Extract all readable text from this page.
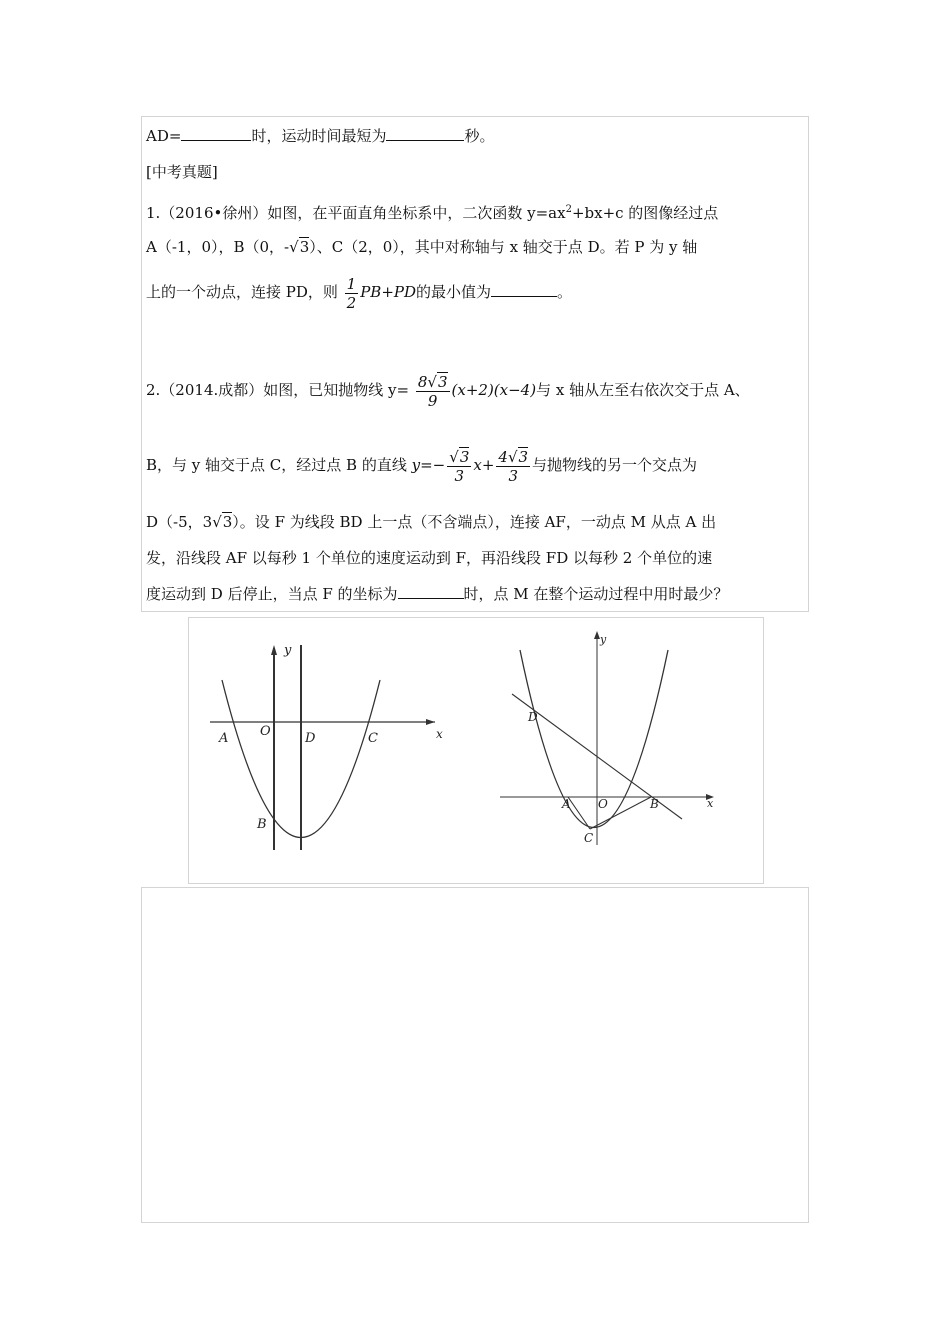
AD=	时，运动时间最短为	秒。
[中考真题]
1.（2016•徐州）如图，在平面直角坐标系中，二次函数 $y=ax^2+bx+c$ 的图像经过点
A（-1，0），B（0，-√3）、C（2，0），其中对称轴与 x 轴交于点 D。若 P 为 y 轴
上的一个动点，连接 PD，则 $\frac{1}{2} PB+PD$的最小值为	。
2.（2014.成都）如图，已知抛物线 $y= \frac{8√3}{9} (x+2)(x-4)$与 x 轴从左至右依次交于点 A、
B，与 y 轴交于点 C，经过点 B 的直线 $y=- \frac{√3}{3} x+ \frac{4√3}{3}$ 与抛物线的另一个交点为
D（-5，3√3）。设 F 为线段 BD 上一点（不含端点），连接 AF，一动点 M 从点 A 出
发，沿线段 AF 以每秒 1 个单位的速度运动到 F，再沿线段 FD 以每秒 2 个单位的速
度运动到 D 后停止，当点 F 的坐标为	时，点 M 在整个运动过程中用时最少？
y
x
A O	D	C
B
y
x
D
A O	B
C
